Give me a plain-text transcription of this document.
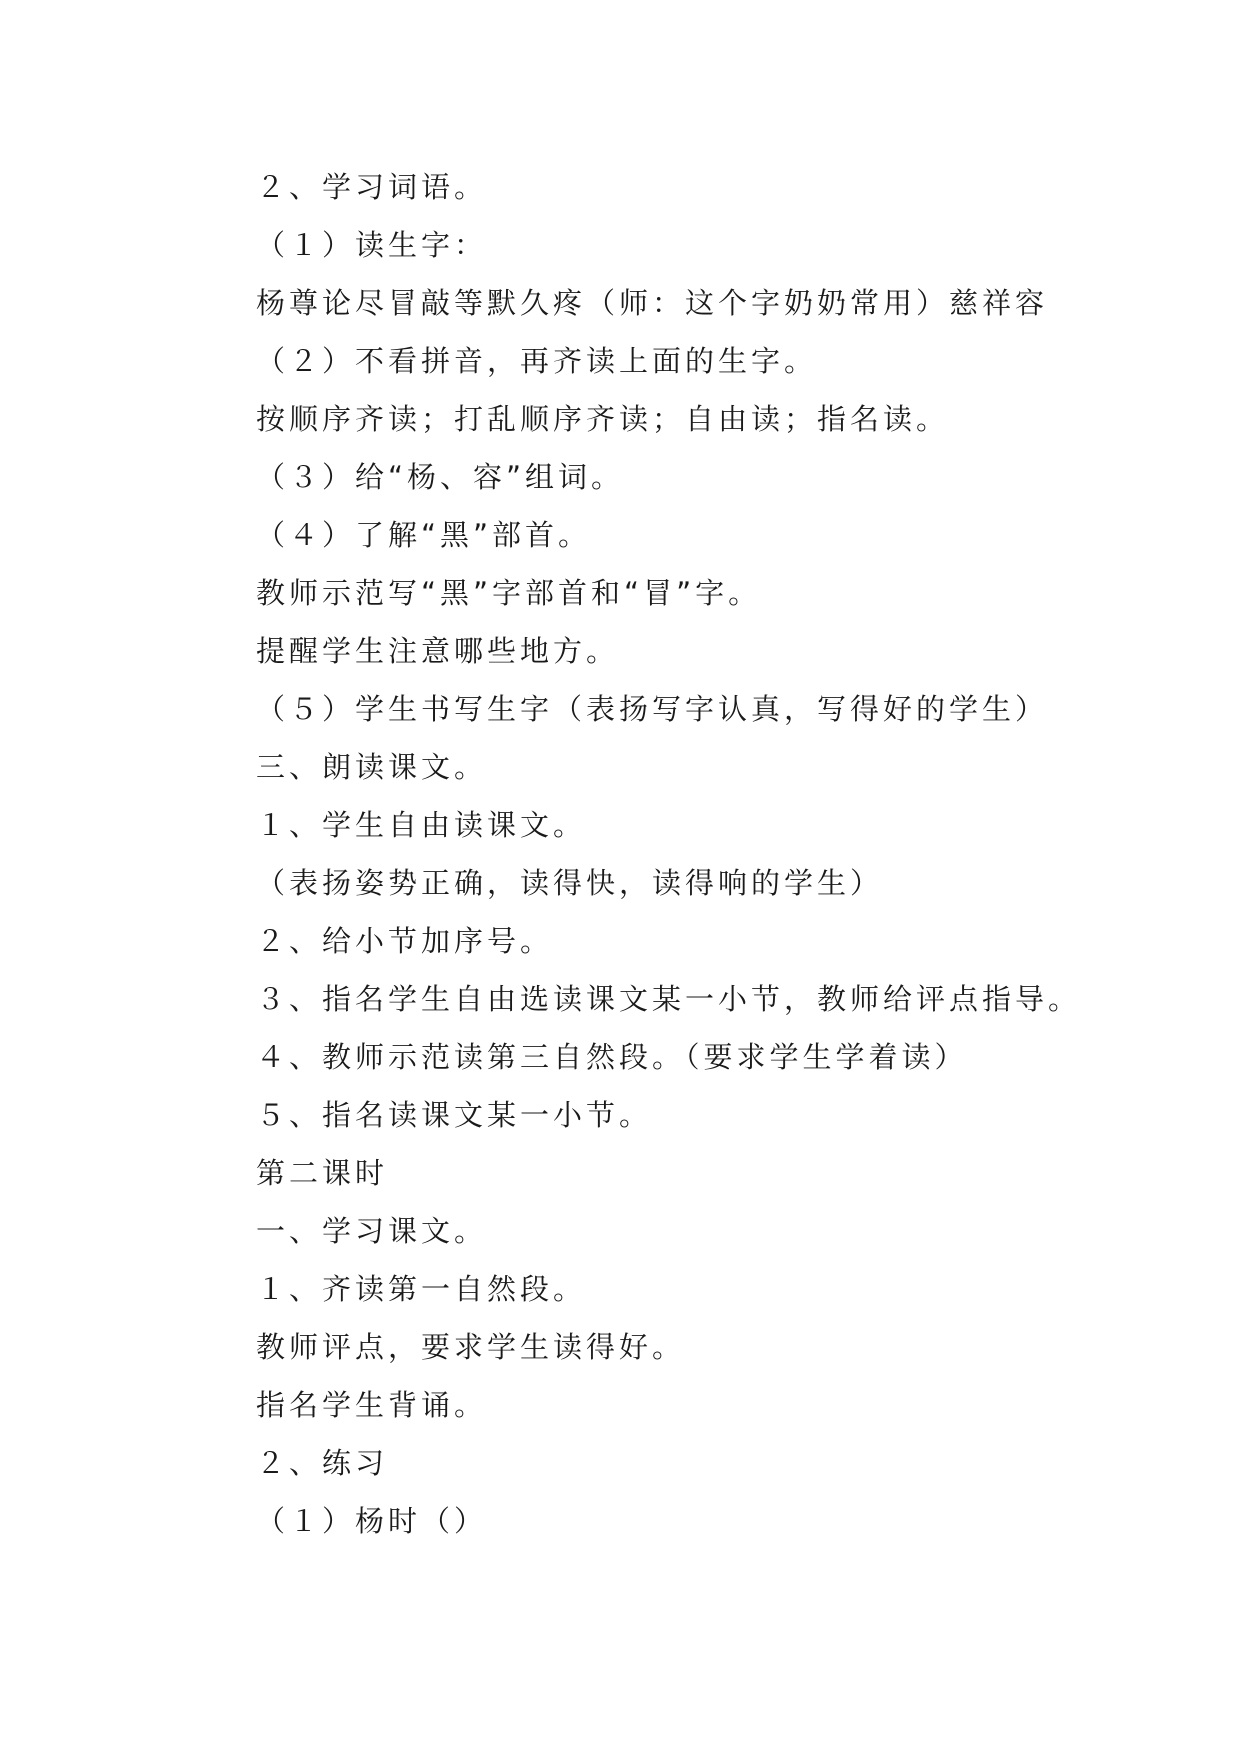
２、学习词语。
（１）读生字：
杨尊论尽冒敲等默久疼（师：这个字奶奶常用）慈祥容
（２）不看拼音，再齐读上面的生字。
按顺序齐读；打乱顺序齐读；自由读；指名读。
（３）给“杨、容”组词。
（４）了解“黑”部首。
教师示范写“黑”字部首和“冒”字。
提醒学生注意哪些地方。
（５）学生书写生字（表扬写字认真，写得好的学生）
三、朗读课文。
１、学生自由读课文。
（表扬姿势正确，读得快，读得响的学生）
２、给小节加序号。
３、指名学生自由选读课文某一小节，教师给评点指导。
４、教师示范读第三自然段。（要求学生学着读）
５、指名读课文某一小节。
第二课时
一、学习课文。
１、齐读第一自然段。
教师评点，要求学生读得好。
指名学生背诵。
２、练习
（１）杨时（）
